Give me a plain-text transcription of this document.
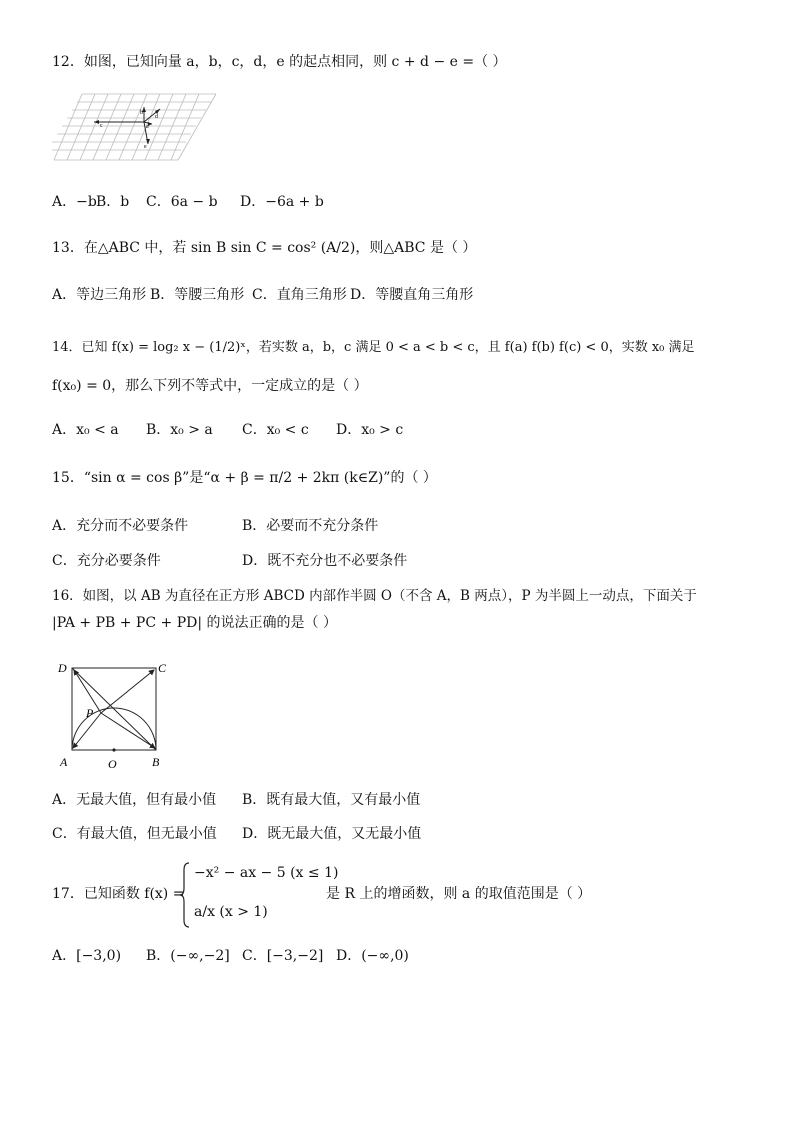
12．如图，已知向量 a，b，c，d，e 的起点相同，则 c + d − e =（ ）
c
b
d
a
e
A．−b B．b C．6a − b D．−6a + b
13．在△ABC 中，若 sin B sin C = cos² (A/2)，则△ABC 是（ ）
A．等边三角形 B．等腰三角形 C．直角三角形 D．等腰直角三角形
14．已知 f(x) = log₂ x − (1/2)ˣ，若实数 a，b，c 满足 0 < a < b < c，且 f(a) f(b) f(c) < 0，实数 x₀ 满足
f(x₀) = 0，那么下列不等式中，一定成立的是（ ）
A．x₀ < a B．x₀ > a C．x₀ < c D．x₀ > c
15．“sin α = cos β”是“α + β = π/2 + 2kπ (k∈Z)”的（ ）
A．充分而不必要条件	B．必要而不充分条件
C．充分必要条件	D．既不充分也不必要条件
16．如图，以 AB 为直径在正方形 ABCD 内部作半圆 O（不含 A，B 两点），P 为半圆上一动点，下面关于
|PA + PB + PC + PD| 的说法正确的是（ ）
D	C
P
A	O	B
A．无最大值，但有最小值 B．既有最大值，又有最小值
C．有最大值，但无最小值 D．既无最大值，又无最小值
17．已知函数 f(x) =
−x² − ax − 5 (x ≤ 1)
a/x (x > 1)
是 R 上的增函数，则 a 的取值范围是（ ）
A．[−3,0) B．(−∞,−2] C．[−3,−2] D．(−∞,0)
